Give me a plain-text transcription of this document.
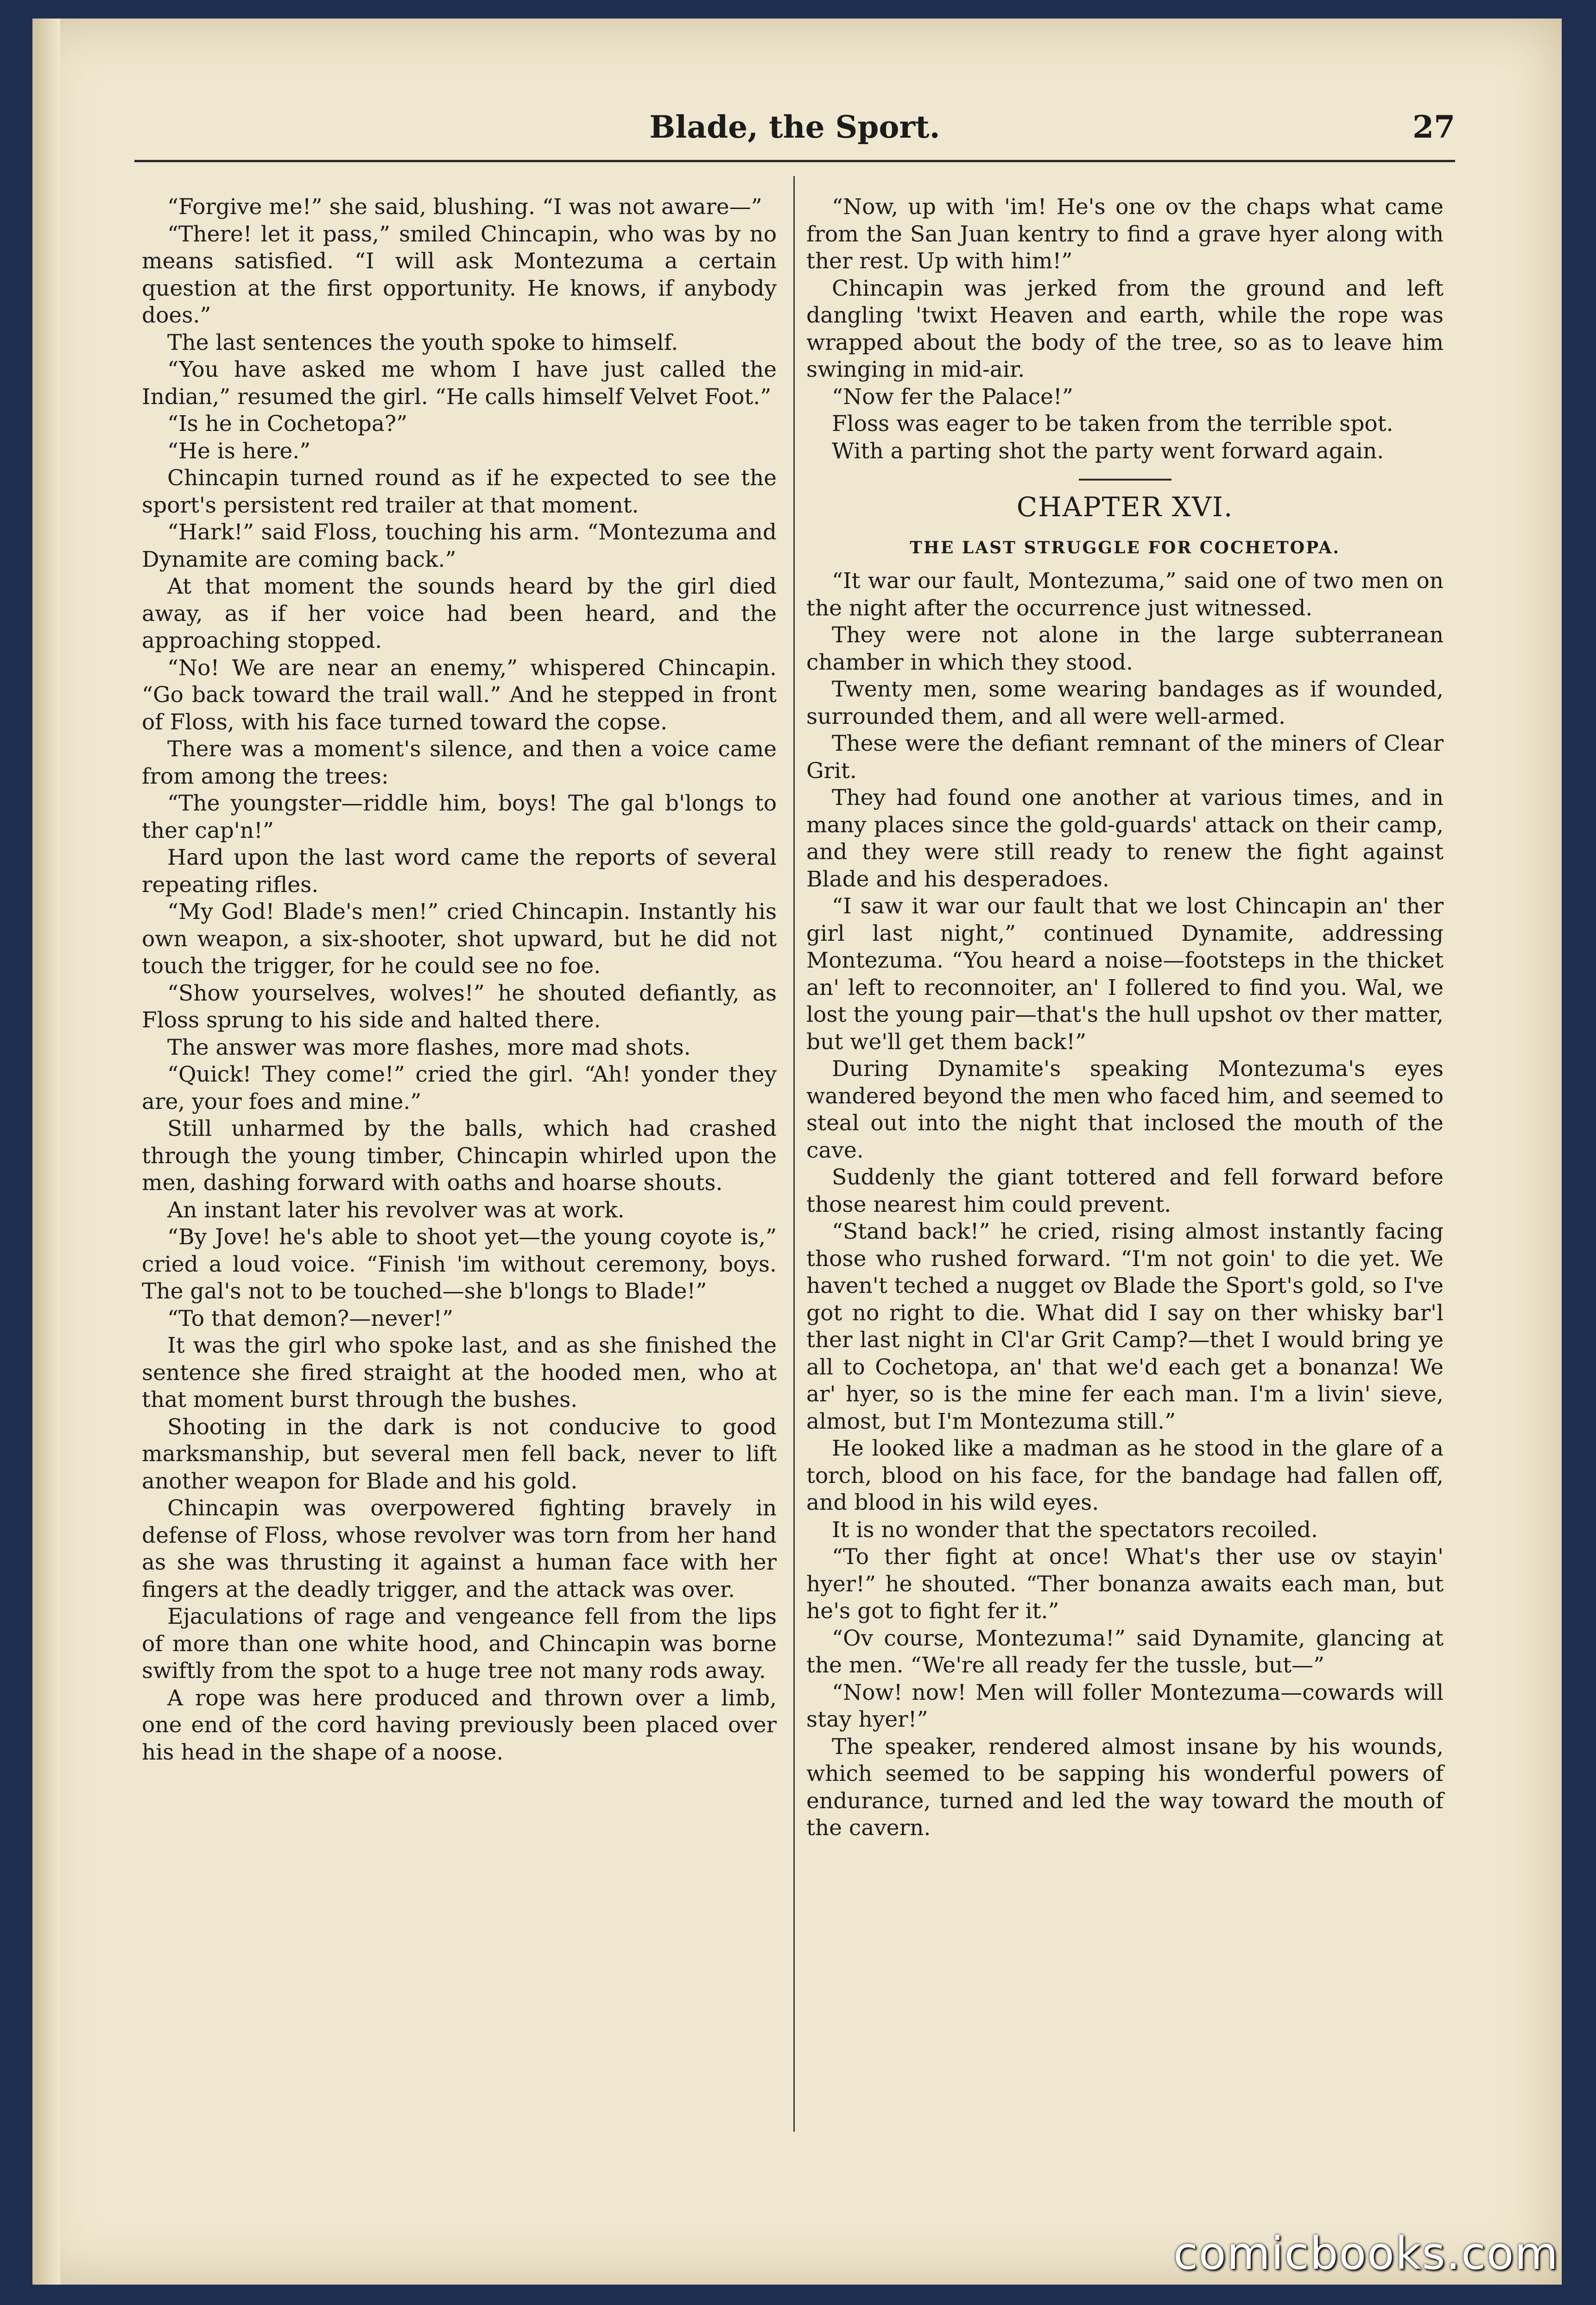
Blade, the Sport.	27

“Forgive me!” she said, blushing. “I was not aware—”

“There! let it pass,” smiled Chincapin, who was by no means satisfied. “I will ask Montezuma a certain question at the first opportunity. He knows, if anybody does.”

The last sentences the youth spoke to himself.

“You have asked me whom I have just called the Indian,” resumed the girl. “He calls himself Velvet Foot.”

“Is he in Cochetopa?”

“He is here.”

Chincapin turned round as if he expected to see the sport's persistent red trailer at that moment.

“Hark!” said Floss, touching his arm. “Montezuma and Dynamite are coming back.”

At that moment the sounds heard by the girl died away, as if her voice had been heard, and the approaching stopped.

“No! We are near an enemy,” whispered Chincapin. “Go back toward the trail wall.” And he stepped in front of Floss, with his face turned toward the copse.

There was a moment's silence, and then a voice came from among the trees:

“The youngster—riddle him, boys! The gal b'longs to ther cap'n!”

Hard upon the last word came the reports of several repeating rifles.

“My God! Blade's men!” cried Chincapin. Instantly his own weapon, a six-shooter, shot upward, but he did not touch the trigger, for he could see no foe.

“Show yourselves, wolves!” he shouted defiantly, as Floss sprung to his side and halted there.

The answer was more flashes, more mad shots.

“Quick! They come!” cried the girl. “Ah! yonder they are, your foes and mine.”

Still unharmed by the balls, which had crashed through the young timber, Chincapin whirled upon the men, dashing forward with oaths and hoarse shouts.

An instant later his revolver was at work.

“By Jove! he's able to shoot yet—the young coyote is,” cried a loud voice. “Finish 'im without ceremony, boys. The gal's not to be touched—she b'longs to Blade!”

“To that demon?—never!”

It was the girl who spoke last, and as she finished the sentence she fired straight at the hooded men, who at that moment burst through the bushes.

Shooting in the dark is not conducive to good marksmanship, but several men fell back, never to lift another weapon for Blade and his gold.

Chincapin was overpowered fighting bravely in defense of Floss, whose revolver was torn from her hand as she was thrusting it against a human face with her fingers at the deadly trigger, and the attack was over.

Ejaculations of rage and vengeance fell from the lips of more than one white hood, and Chincapin was borne swiftly from the spot to a huge tree not many rods away.

A rope was here produced and thrown over a limb, one end of the cord having previously been placed over his head in the shape of a noose.

“Now, up with 'im! He's one ov the chaps what came from the San Juan kentry to find a grave hyer along with ther rest. Up with him!”

Chincapin was jerked from the ground and left dangling 'twixt Heaven and earth, while the rope was wrapped about the body of the tree, so as to leave him swinging in mid-air.

“Now fer the Palace!”

Floss was eager to be taken from the terrible spot.

With a parting shot the party went forward again.

CHAPTER XVI.
THE LAST STRUGGLE FOR COCHETOPA.

“It war our fault, Montezuma,” said one of two men on the night after the occurrence just witnessed.

They were not alone in the large subterranean chamber in which they stood.

Twenty men, some wearing bandages as if wounded, surrounded them, and all were well-armed.

These were the defiant remnant of the miners of Clear Grit.

They had found one another at various times, and in many places since the gold-guards' attack on their camp, and they were still ready to renew the fight against Blade and his desperadoes.

“I saw it war our fault that we lost Chincapin an' ther girl last night,” continued Dynamite, addressing Montezuma. “You heard a noise—footsteps in the thicket an' left to reconnoiter, an' I follered to find you. Wal, we lost the young pair—that's the hull upshot ov ther matter, but we'll get them back!”

During Dynamite's speaking Montezuma's eyes wandered beyond the men who faced him, and seemed to steal out into the night that inclosed the mouth of the cave.

Suddenly the giant tottered and fell forward before those nearest him could prevent.

“Stand back!” he cried, rising almost instantly facing those who rushed forward. “I'm not goin' to die yet. We haven't teched a nugget ov Blade the Sport's gold, so I've got no right to die. What did I say on ther whisky bar'l ther last night in Cl'ar Grit Camp?—thet I would bring ye all to Cochetopa, an' that we'd each get a bonanza! We ar' hyer, so is the mine fer each man. I'm a livin' sieve, almost, but I'm Montezuma still.”

He looked like a madman as he stood in the glare of a torch, blood on his face, for the bandage had fallen off, and blood in his wild eyes.

It is no wonder that the spectators recoiled.

“To ther fight at once! What's ther use ov stayin' hyer!” he shouted. “Ther bonanza awaits each man, but he's got to fight fer it.”

“Ov course, Montezuma!” said Dynamite, glancing at the men. “We're all ready fer the tussle, but—”

“Now! now! Men will foller Montezuma—cowards will stay hyer!”

The speaker, rendered almost insane by his wounds, which seemed to be sapping his wonderful powers of endurance, turned and led the way toward the mouth of the cavern.

comicbooks.com
